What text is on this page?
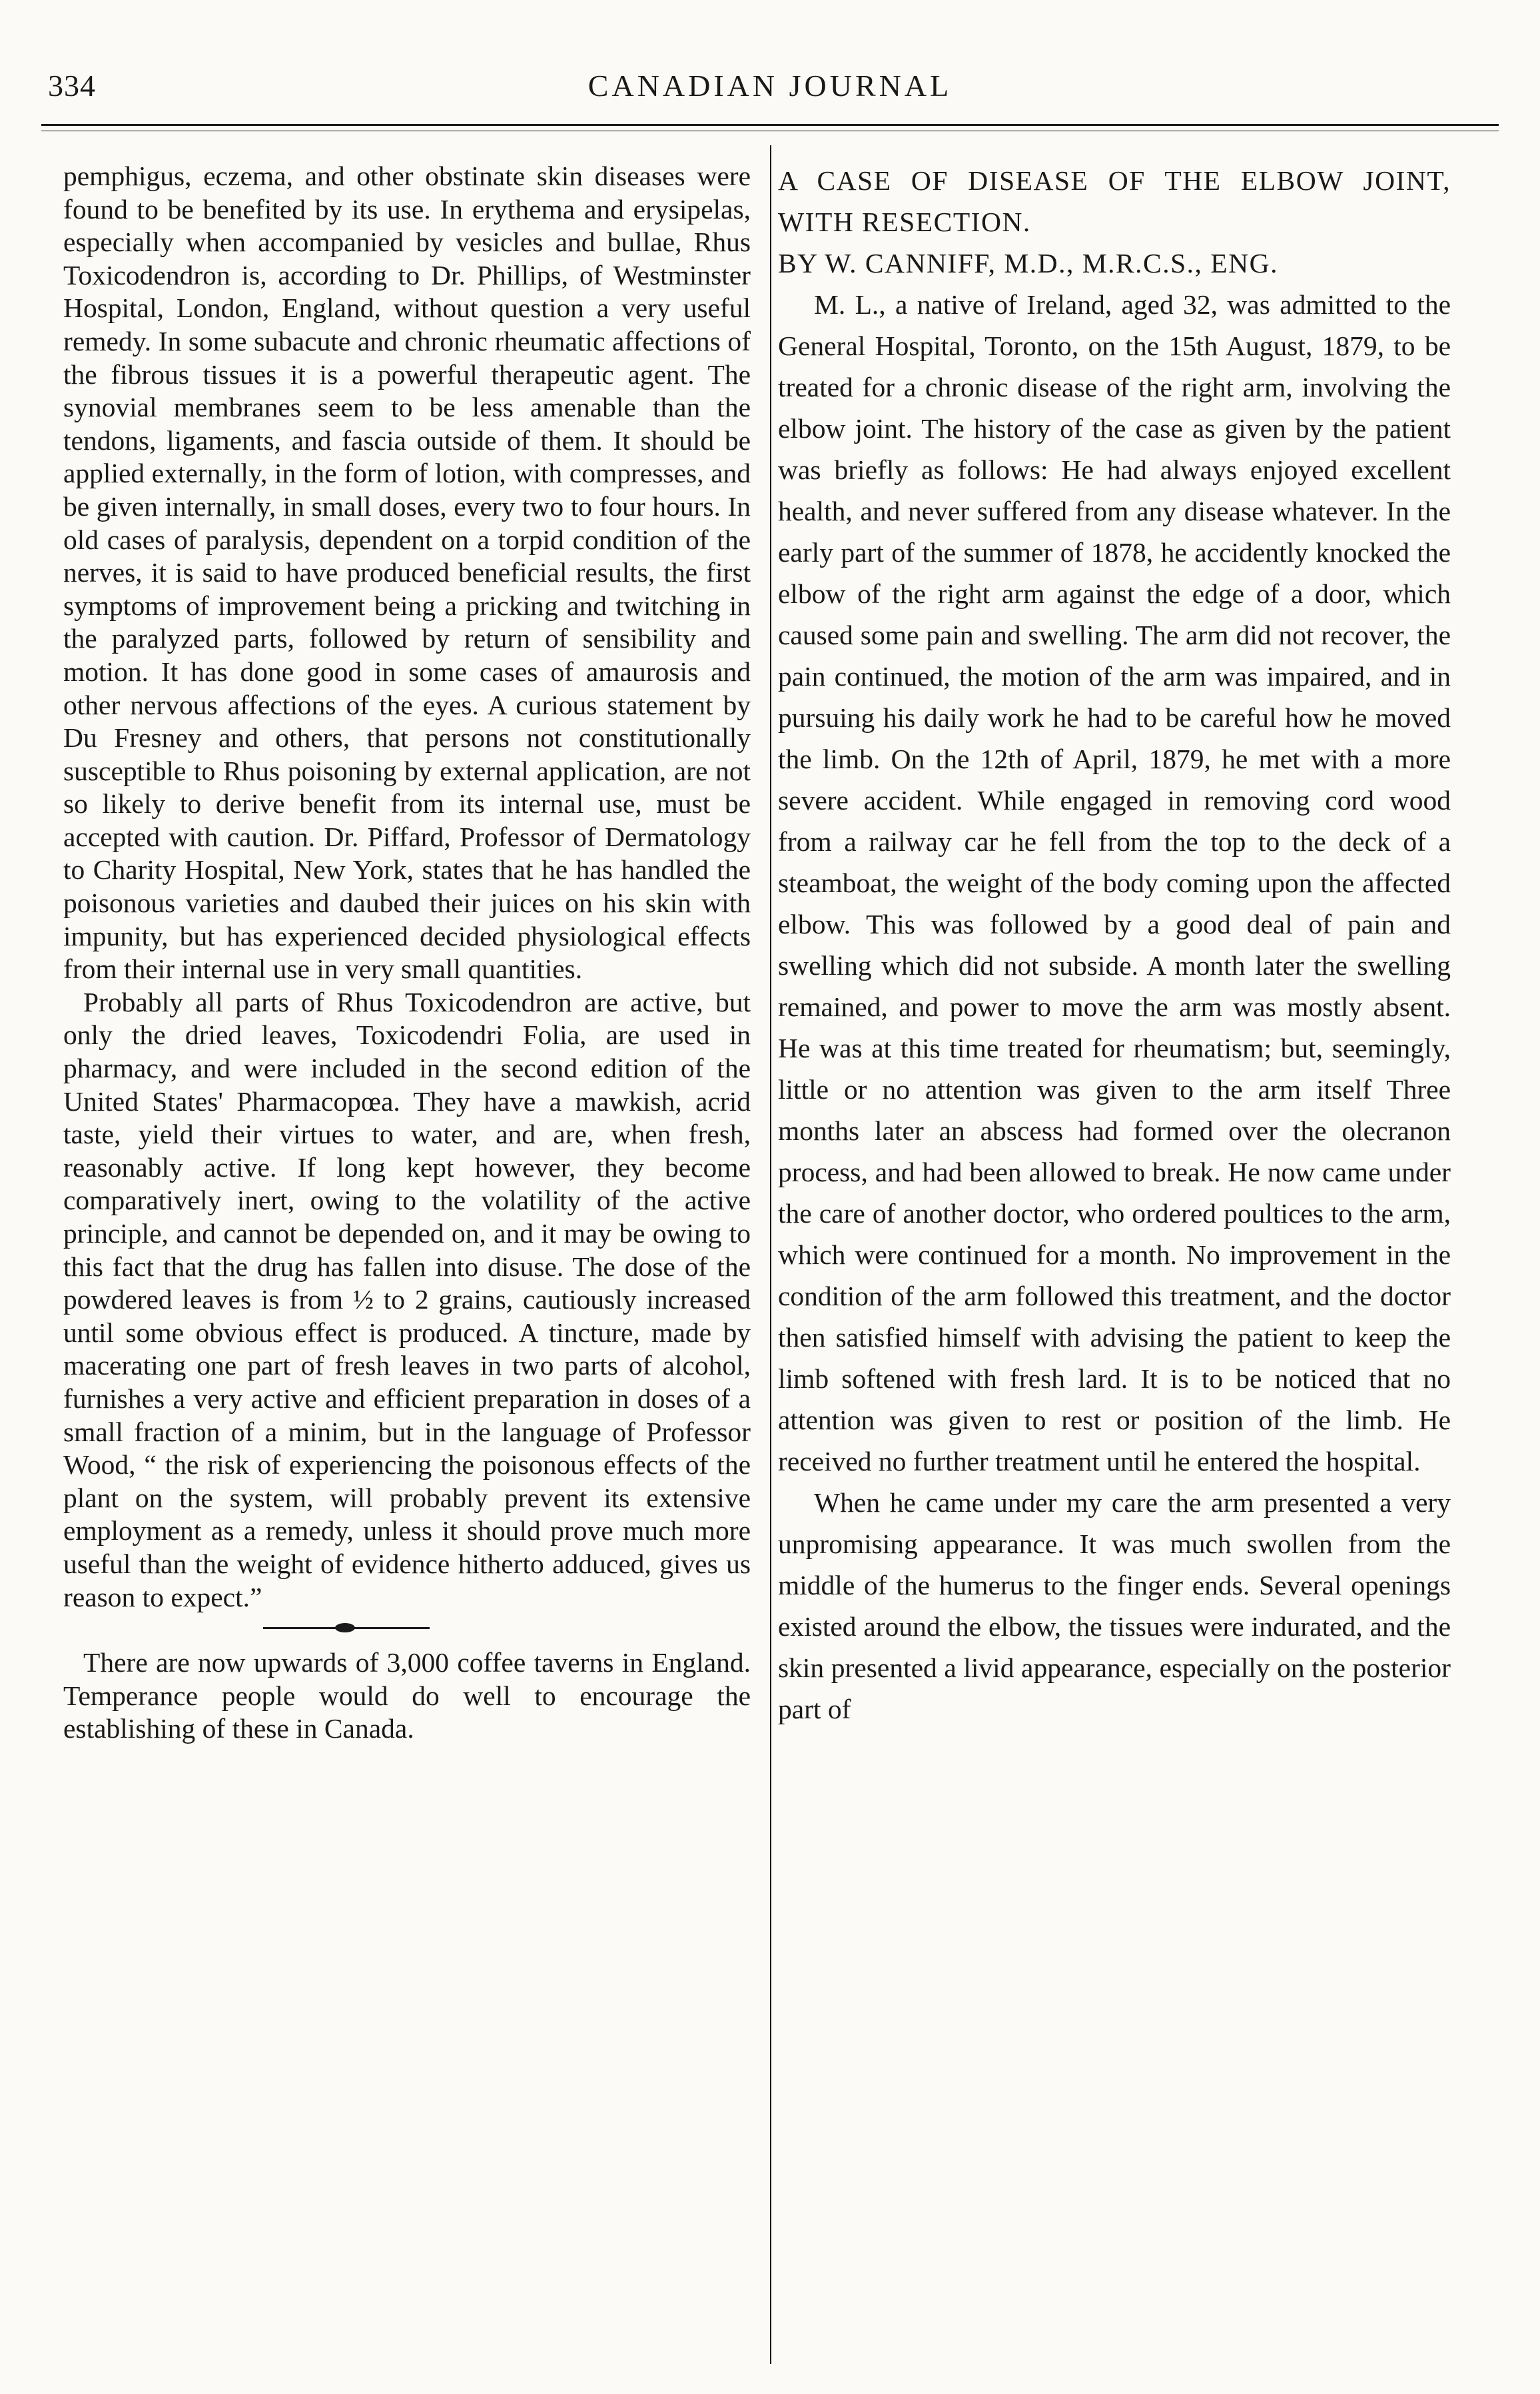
334	CANADIAN JOURNAL

pemphigus, eczema, and other obstinate skin diseases were found to be benefited by its use. In erythema and erysipelas, especially when accompanied by vesicles and bullae, Rhus Toxicodendron is, according to Dr. Phillips, of Westminster Hospital, London, England, without question a very useful remedy. In some subacute and chronic rheumatic affections of the fibrous tissues it is a powerful therapeutic agent. The synovial membranes seem to be less amenable than the tendons, ligaments, and fascia outside of them. It should be applied externally, in the form of lotion, with compresses, and be given internally, in small doses, every two to four hours. In old cases of paralysis, dependent on a torpid condition of the nerves, it is said to have produced beneficial results, the first symptoms of improvement being a pricking and twitching in the paralyzed parts, followed by return of sensibility and motion. It has done good in some cases of amaurosis and other nervous affections of the eyes. A curious statement by Du Fresney and others, that persons not constitutionally susceptible to Rhus poisoning by external application, are not so likely to derive benefit from its internal use, must be accepted with caution. Dr. Piffard, Professor of Dermatology to Charity Hospital, New York, states that he has handled the poisonous varieties and daubed their juices on his skin with impunity, but has experienced decided physiological effects from their internal use in very small quantities.

Probably all parts of Rhus Toxicodendron are active, but only the dried leaves, Toxicodendri Folia, are used in pharmacy, and were included in the second edition of the United States' Pharmacopœa. They have a mawkish, acrid taste, yield their virtues to water, and are, when fresh, reasonably active. If long kept however, they become comparatively inert, owing to the volatility of the active principle, and cannot be depended on, and it may be owing to this fact that the drug has fallen into disuse. The dose of the powdered leaves is from ½ to 2 grains, cautiously increased until some obvious effect is produced. A tincture, made by macerating one part of fresh leaves in two parts of alcohol, furnishes a very active and efficient preparation in doses of a small fraction of a minim, but in the language of Professor Wood, “ the risk of experiencing the poisonous effects of the plant on the system, will probably prevent its extensive employment as a remedy, unless it should prove much more useful than the weight of evidence hitherto adduced, gives us reason to expect.”

There are now upwards of 3,000 coffee taverns in England. Temperance people would do well to encourage the establishing of these in Canada.

A CASE OF DISEASE OF THE ELBOW JOINT, WITH RESECTION.

BY W. CANNIFF, M.D., M.R.C.S., ENG.

M. L., a native of Ireland, aged 32, was admitted to the General Hospital, Toronto, on the 15th August, 1879, to be treated for a chronic disease of the right arm, involving the elbow joint. The history of the case as given by the patient was briefly as follows: He had always enjoyed excellent health, and never suffered from any disease whatever. In the early part of the summer of 1878, he accidently knocked the elbow of the right arm against the edge of a door, which caused some pain and swelling. The arm did not recover, the pain continued, the motion of the arm was impaired, and in pursuing his daily work he had to be careful how he moved the limb. On the 12th of April, 1879, he met with a more severe accident. While engaged in removing cord wood from a railway car he fell from the top to the deck of a steamboat, the weight of the body coming upon the affected elbow. This was followed by a good deal of pain and swelling which did not subside. A month later the swelling remained, and power to move the arm was mostly absent. He was at this time treated for rheumatism; but, seemingly, little or no attention was given to the arm itself Three months later an abscess had formed over the olecranon process, and had been allowed to break. He now came under the care of another doctor, who ordered poultices to the arm, which were continued for a month. No improvement in the condition of the arm followed this treatment, and the doctor then satisfied himself with advising the patient to keep the limb softened with fresh lard. It is to be noticed that no attention was given to rest or position of the limb. He received no further treatment until he entered the hospital.

When he came under my care the arm presented a very unpromising appearance. It was much swollen from the middle of the humerus to the finger ends. Several openings existed around the elbow, the tissues were indurated, and the skin presented a livid appearance, especially on the posterior part of
